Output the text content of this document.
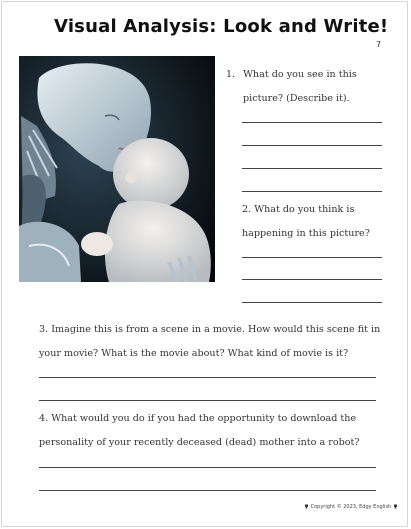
Visual Analysis: Look and Write!
7
1. What do you see in this
picture? (Describe it).
2. What do you think is
happening in this picture?
3. Imagine this is from a scene in a movie. How would this scene fit in
your movie? What is the movie about? What kind of movie is it?
4. What would you do if you had the opportunity to download the
personality of your recently deceased (dead) mother into a robot?
Copyright © 2023, Edgy English
